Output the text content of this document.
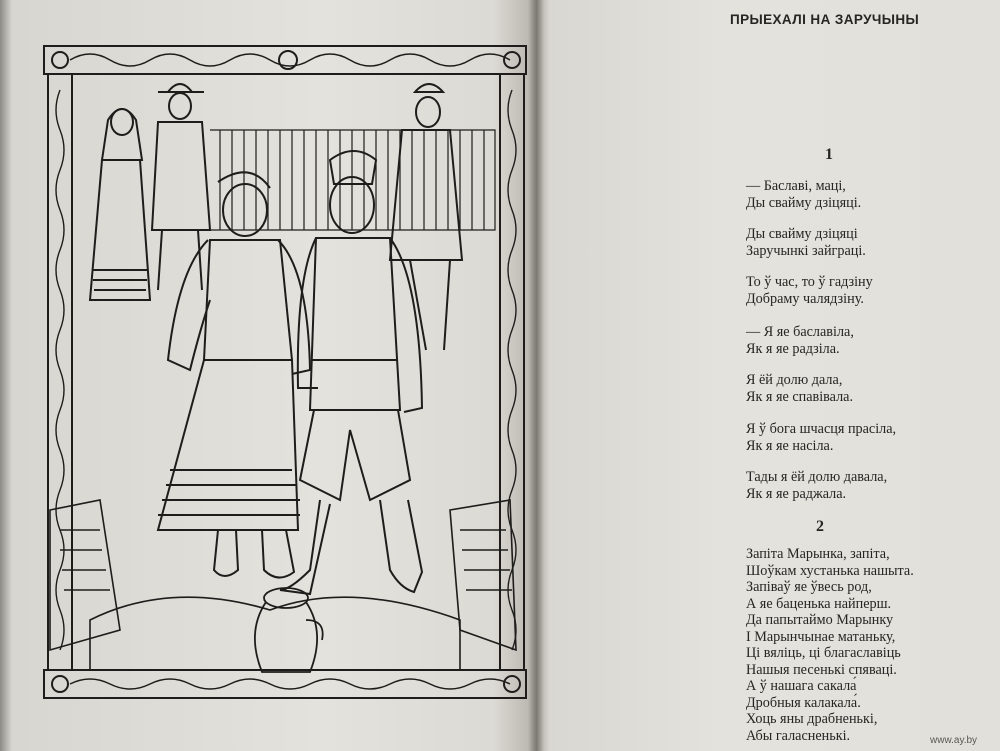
ПРЫЕХАЛІ НА ЗАРУЧЫНЫ
1
— Баславі, маці,
Ды свайму дзіцяці.
Ды свайму дзіцяці
Заручынкі зайграці.
То ў час, то ў гадзіну
Добраму чалядзіну.
— Я яе баславіла,
Як я яе радзіла.
Я ёй долю дала,
Як я яе спавівала.
Я ў бога шчасця прасіла,
Як я яе насіла.
Тады я ёй долю давала,
Як я яе раджала.
2
Запіта Марынка, запіта,
Шоўкам хустанька нашыта.
Запіваў яе ўвесь род,
А яе баценька найперш.
Да папытаймо Марынку
І Марынчынае матаньку,
Ці вяліць, ці благаславіць
Нашыя песенькі спяваці.
А ў нашага сакала́
Дробныя калакала́.
Хоць яны драбненькі,
Абы галасненькі.	www.ay.by
